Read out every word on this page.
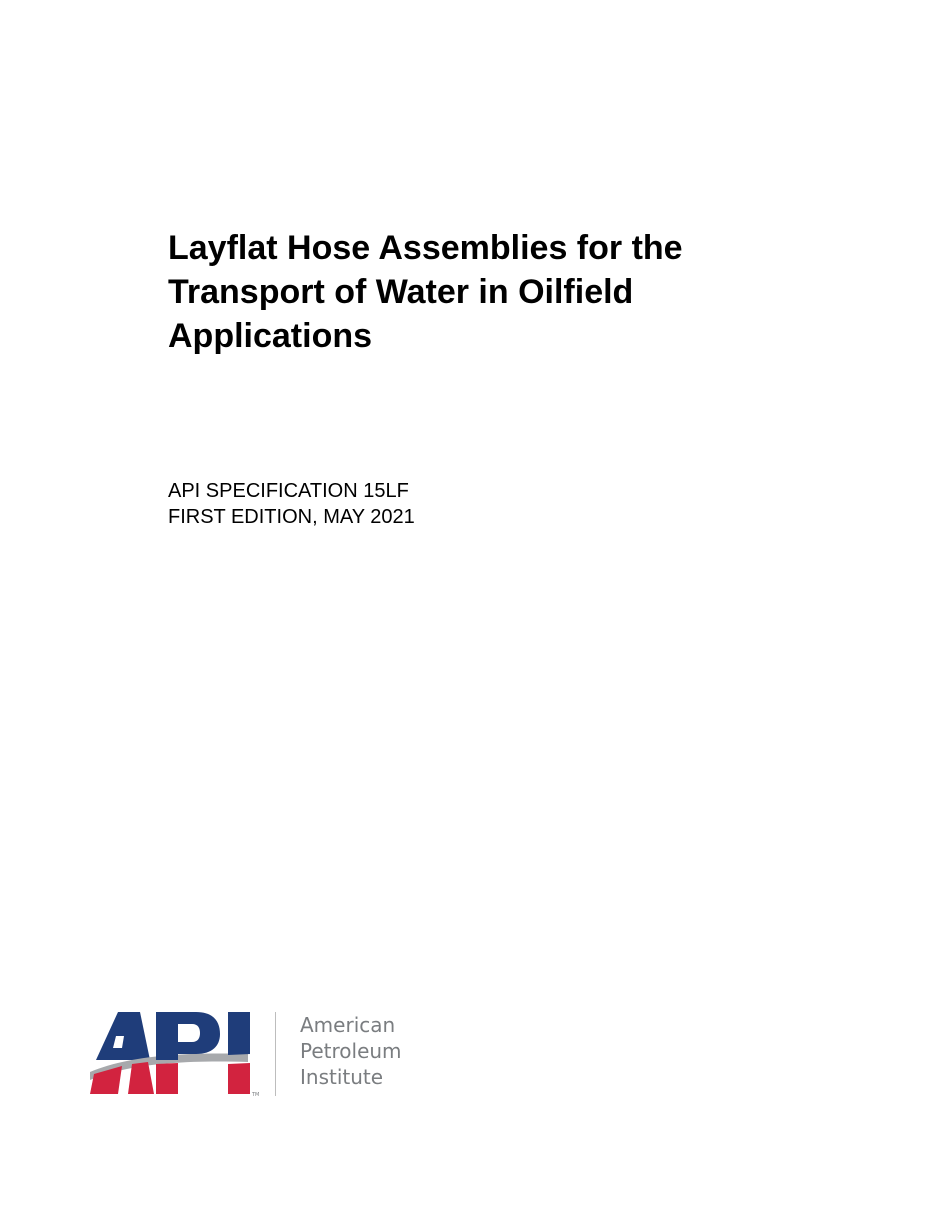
Layflat Hose Assemblies for the
Transport of Water in Oilfield
Applications
API SPECIFICATION 15LF
FIRST EDITION, MAY 2021
TM
American
Petroleum
Institute
